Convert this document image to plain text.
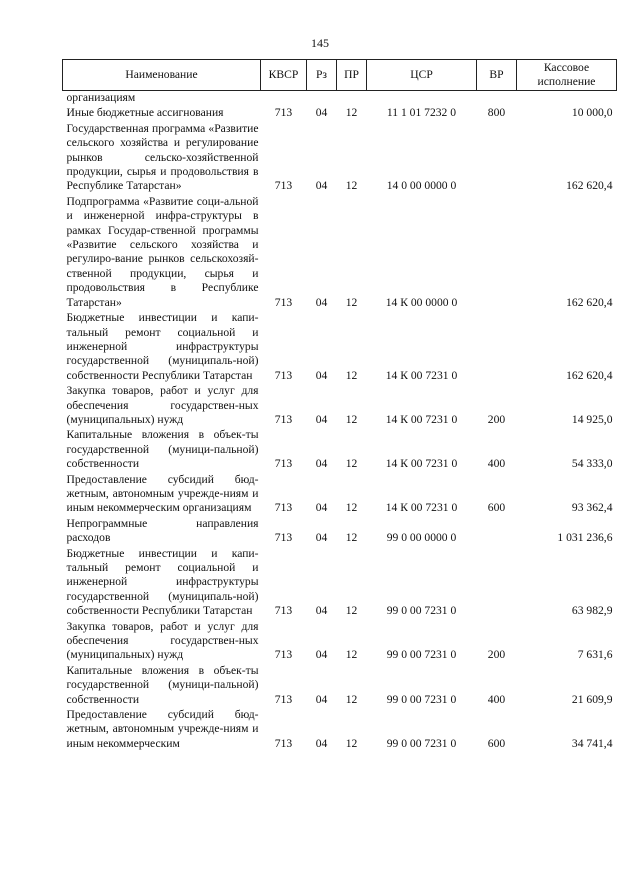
145
Наименование	КВСР	Рз	ПР	ЦСР	ВР	Кассовое
исполнение
организациям						
Иные бюджетные ассигнования	713	04	12	11 1 01 7232 0	800	10 000,0
Государственная программа «Развитие сельского хозяйства и регулирование рынков сельско-хозяйственной продукции, сырья и продовольствия в Республике Татарстан»	713	04	12	14 0 00 0000 0		162 620,4
Подпрограмма «Развитие соци-альной и инженерной инфра-структуры в рамках Государ-ственной программы «Развитие сельского хозяйства и регулиро-вание рынков сельскохозяй-ственной продукции, сырья и продовольствия в Республике Татарстан»	713	04	12	14 К 00 0000 0		162 620,4
Бюджетные инвестиции и капи-тальный ремонт социальной и инженерной инфраструктуры государственной (муниципаль-ной) собственности Республики Татарстан	713	04	12	14 К 00 7231 0		162 620,4
Закупка товаров, работ и услуг для обеспечения государствен-ных (муниципальных) нужд	713	04	12	14 К 00 7231 0	200	14 925,0
Капитальные вложения в объек-ты государственной (муници-пальной) собственности	713	04	12	14 К 00 7231 0	400	54 333,0
Предоставление субсидий бюд-жетным, автономным учрежде-ниям и иным некоммерческим организациям	713	04	12	14 К 00 7231 0	600	93 362,4
Непрограммные направления расходов	713	04	12	99 0 00 0000 0		1 031 236,6
Бюджетные инвестиции и капи-тальный ремонт социальной и инженерной инфраструктуры государственной (муниципаль-ной) собственности Республики Татарстан	713	04	12	99 0 00 7231 0		63 982,9
Закупка товаров, работ и услуг для обеспечения государствен-ных (муниципальных) нужд	713	04	12	99 0 00 7231 0	200	7 631,6
Капитальные вложения в объек-ты государственной (муници-пальной) собственности	713	04	12	99 0 00 7231 0	400	21 609,9
Предоставление субсидий бюд-жетным, автономным учрежде-ниям и иным некоммерческим	713	04	12	99 0 00 7231 0	600	34 741,4
